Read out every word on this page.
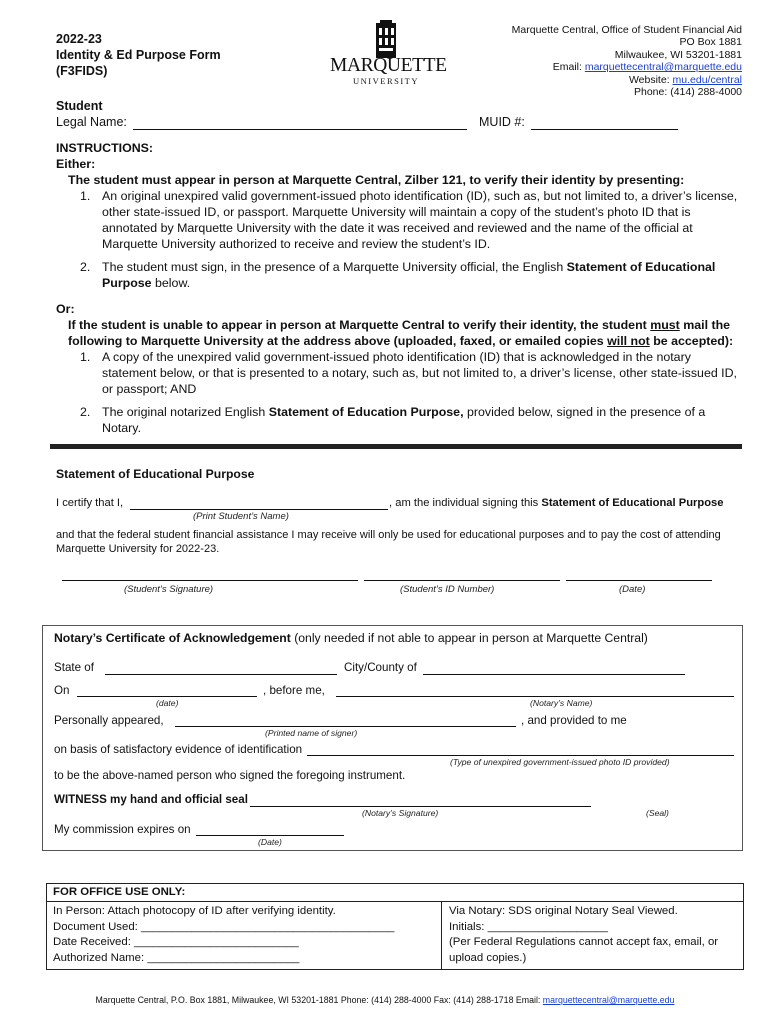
2022-23
Identity & Ed Purpose Form
(F3FIDS)	MARQUETTE
UNIVERSITY
Marquette Central, Office of Student Financial Aid
PO Box 1881
Milwaukee, WI 53201-1881
Email: marquettecentral@marquette.edu
Website: mu.edu/central
Phone: (414) 288-4000
Student
Legal Name:	MUID #:

INSTRUCTIONS:

Either:

The student must appear in person at Marquette Central, Zilber 121, to verify their identity by presenting:

1. An original unexpired valid government-issued photo identification (ID), such as, but not limited to, a driver’s license, other state-issued ID, or passport. Marquette University will maintain a copy of the student’s photo ID that is annotated by Marquette University with the date it was received and reviewed and the name of the official at Marquette University authorized to receive and review the student’s ID.
2. The student must sign, in the presence of a Marquette University official, the English Statement of Educational Purpose below.

Or:

If the student is unable to appear in person at Marquette Central to verify their identity, the student must mail the following to Marquette University at the address above (uploaded, faxed, or emailed copies will not be accepted):

1. A copy of the unexpired valid government-issued photo identification (ID) that is acknowledged in the notary statement below, or that is presented to a notary, such as, but not limited to, a driver’s license, other state-issued ID, or passport; AND
2. The original notarized English Statement of Education Purpose, provided below, signed in the presence of a Notary.
Statement of Educational Purpose
I certify that I,	, am the individual signing this Statement of Educational Purpose
(Print Student’s Name)
and that the federal student financial assistance I may receive will only be used for educational purposes and to pay the cost of attending Marquette University for 2022-23.
(Student’s Signature)	(Student’s ID Number)	(Date)
Notary’s Certificate of Acknowledgement (only needed if not able to appear in person at Marquette Central)
State of	City/County of
On	, before me,
(date)	(Notary’s Name)
Personally appeared,	, and provided to me
(Printed name of signer)
on basis of satisfactory evidence of identification
(Type of unexpired government-issued photo ID provided)
to be the above-named person who signed the foregoing instrument.
WITNESS my hand and official seal
(Notary’s Signature)	(Seal)
My commission expires on
(Date)
FOR OFFICE USE ONLY:
In Person: Attach photocopy of ID after verifying identity.
Document Used: ________________________________________
Date Received: __________________________
Authorized Name: ________________________
Via Notary: SDS original Notary Seal Viewed.
Initials: ___________________
(Per Federal Regulations cannot accept fax, email, or upload copies.)
Marquette Central, P.O. Box 1881, Milwaukee, WI 53201-1881 Phone: (414) 288-4000 Fax: (414) 288-1718 Email: marquettecentral@marquette.edu
